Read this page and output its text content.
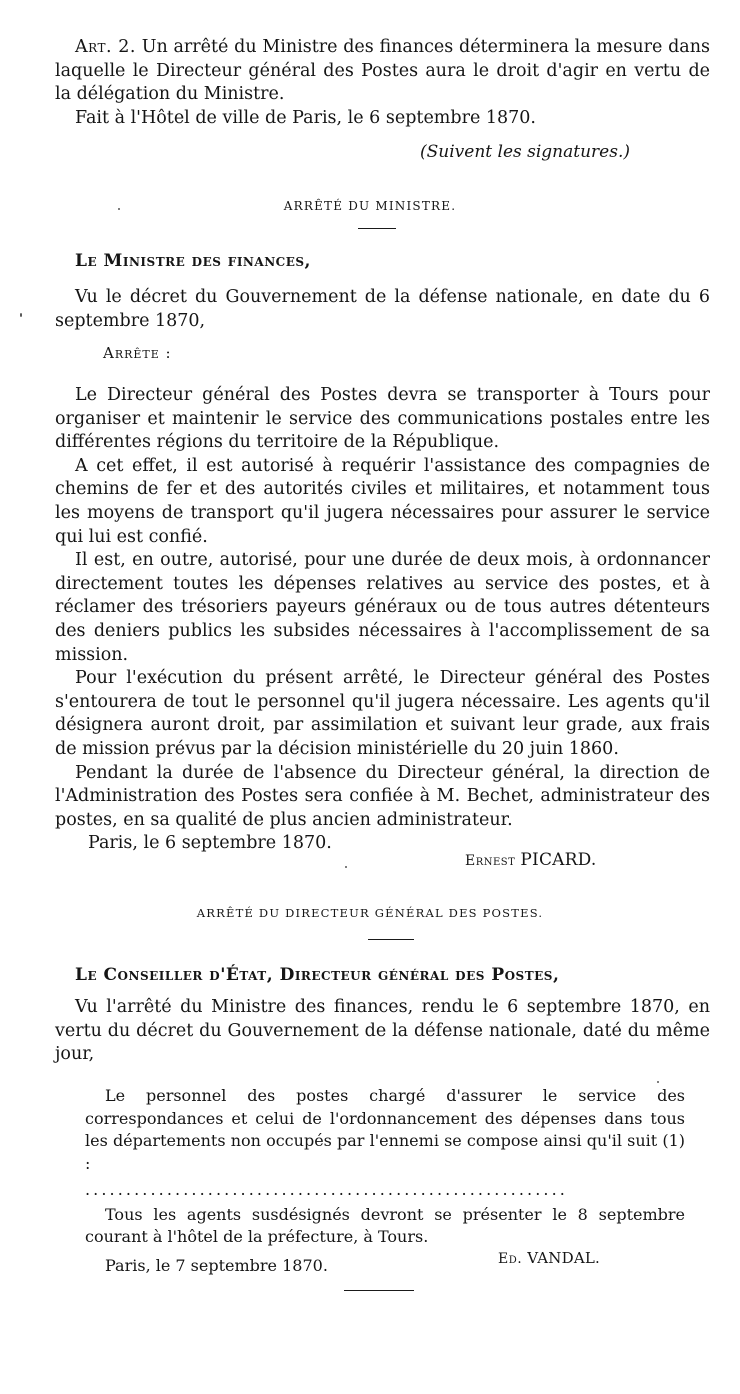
Art. 2. Un arrêté du Ministre des finances déterminera la mesure dans laquelle le Directeur général des Postes aura le droit d'agir en vertu de la délégation du Ministre.

Fait à l'Hôtel de ville de Paris, le 6 septembre 1870.

(Suivent les signatures.)
ARRÊTÉ DU MINISTRE.

Le Ministre des finances,

Vu le décret du Gouvernement de la défense nationale, en date du 6 septembre 1870,

Arrête :

Le Directeur général des Postes devra se transporter à Tours pour organiser et maintenir le service des communications postales entre les différentes régions du territoire de la République.

A cet effet, il est autorisé à requérir l'assistance des compagnies de chemins de fer et des autorités civiles et militaires, et notamment tous les moyens de transport qu'il jugera nécessaires pour assurer le service qui lui est confié.

Il est, en outre, autorisé, pour une durée de deux mois, à ordonnancer directement toutes les dépenses relatives au service des postes, et à réclamer des trésoriers payeurs généraux ou de tous autres détenteurs des deniers publics les subsides nécessaires à l'accomplissement de sa mission.

Pour l'exécution du présent arrêté, le Directeur général des Postes s'entourera de tout le personnel qu'il jugera nécessaire. Les agents qu'il désignera auront droit, par assimilation et suivant leur grade, aux frais de mission prévus par la décision ministérielle du 20 juin 1860.

Pendant la durée de l'absence du Directeur général, la direction de l'Administration des Postes sera confiée à M. Bechet, administrateur des postes, en sa qualité de plus ancien administrateur.

Paris, le 6 septembre 1870.

Ernest PICARD.
ARRÊTÉ DU DIRECTEUR GÉNÉRAL DES POSTES.

Le Conseiller d'État, Directeur général des Postes,

Vu l'arrêté du Ministre des finances, rendu le 6 septembre 1870, en vertu du décret du Gouvernement de la défense nationale, daté du même jour,

Le personnel des postes chargé d'assurer le service des correspondances et celui de l'ordonnancement des dépenses dans tous les départements non occupés par l'ennemi se compose ainsi qu'il suit (1) :

...........................................................

Tous les agents susdésignés devront se présenter le 8 septembre courant à l'hôtel de la préfecture, à Tours.

Paris, le 7 septembre 1870.	Ed. VANDAL.
